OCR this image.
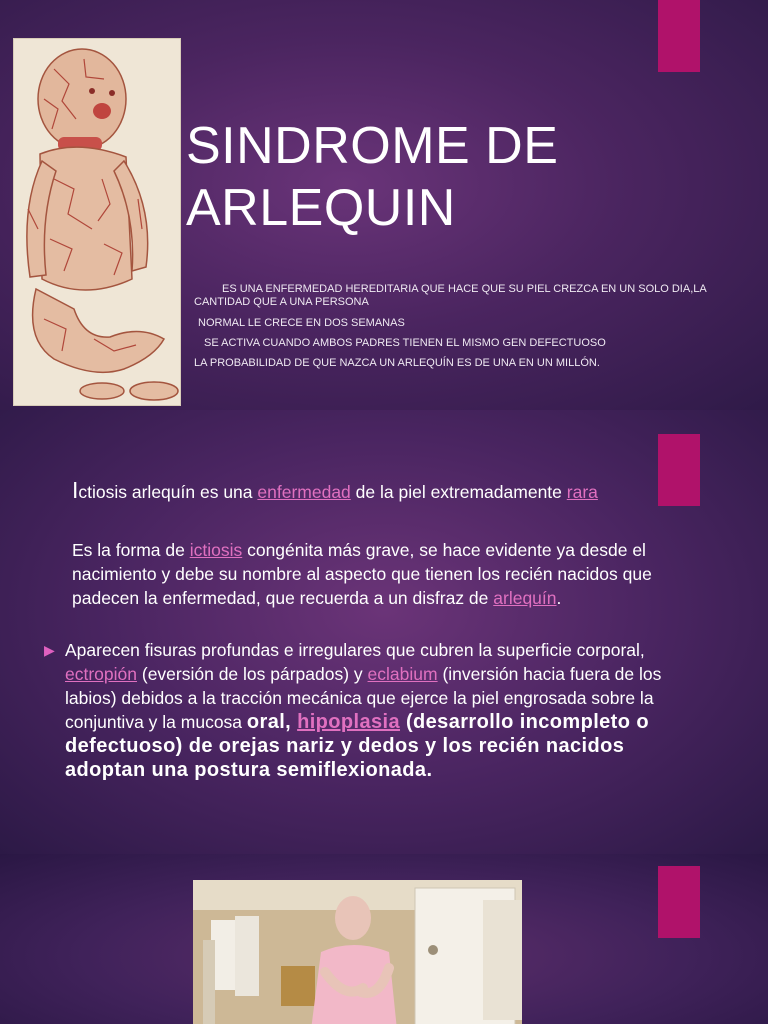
SINDROME DE
ARLEQUIN

ES UNA ENFERMEDAD HEREDITARIA QUE HACE QUE SU PIEL CREZCA EN UN SOLO DIA,LA CANTIDAD QUE A UNA PERSONA

NORMAL LE CRECE EN DOS SEMANAS

SE ACTIVA CUANDO AMBOS PADRES TIENEN EL MISMO GEN DEFECTUOSO

LA PROBABILIDAD DE QUE NAZCA UN ARLEQUÍN ES DE UNA EN UN MILLÓN.

Ictiosis arlequín es una enfermedad de la piel extremadamente rara

Es la forma de ictiosis congénita más grave, se hace evidente ya desde el nacimiento y debe su nombre al aspecto que tienen los recién nacidos que padecen la enfermedad, que recuerda a un disfraz de arlequín.

▶ Aparecen fisuras profundas e irregulares que cubren la superficie corporal, ectropión (eversión de los párpados) y eclabium (inversión hacia fuera de los labios) debidos a la tracción mecánica que ejerce la piel engrosada sobre la conjuntiva y la mucosa oral, hipoplasia (desarrollo incompleto o defectuoso) de orejas nariz y dedos y los recién nacidos adoptan una postura semiflexionada.
